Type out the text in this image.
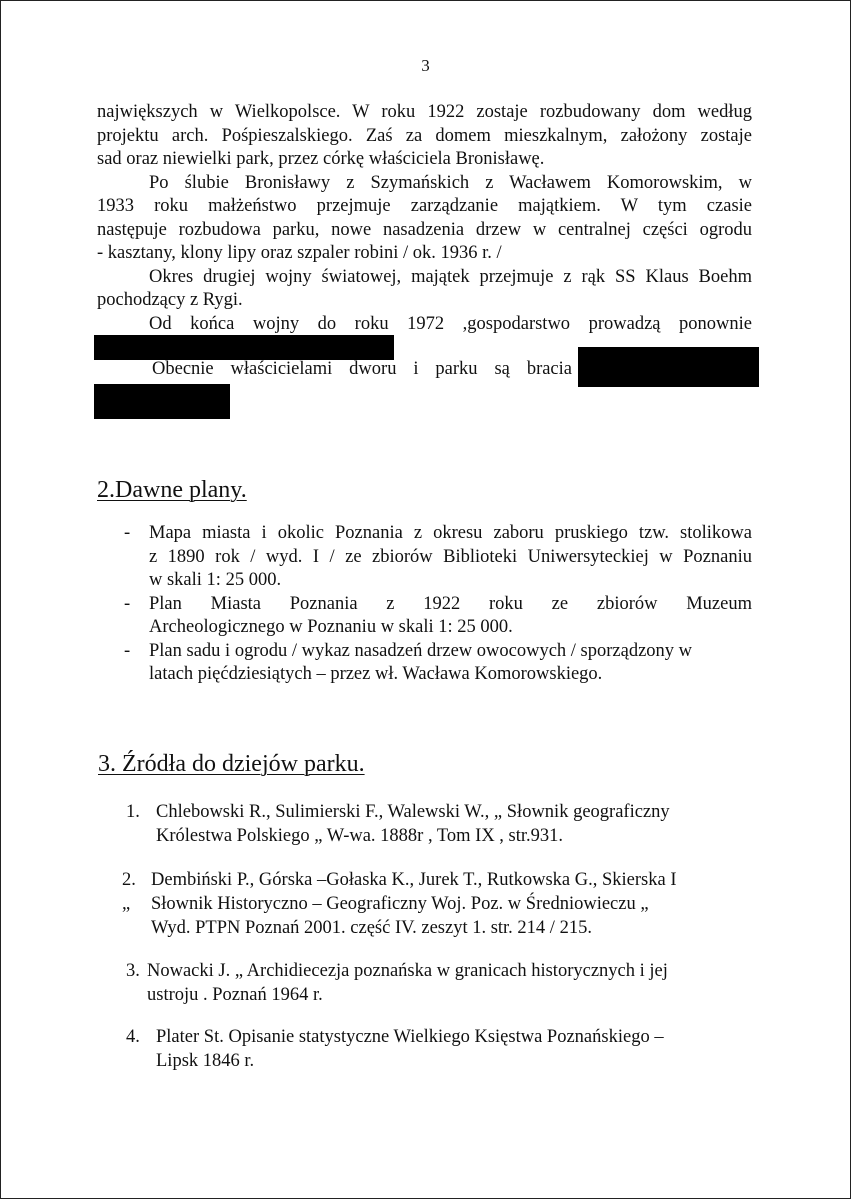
3
największych w Wielkopolsce. W roku 1922 zostaje rozbudowany dom według
projektu arch. Pośpieszalskiego. Zaś za domem mieszkalnym, założony zostaje
sad oraz niewielki park, przez córkę właściciela Bronisławę.
Po ślubie Bronisławy z Szymańskich z Wacławem Komorowskim, w
1933 roku małżeństwo przejmuje zarządzanie majątkiem. W tym czasie
następuje rozbudowa parku, nowe nasadzenia drzew w centralnej części ogrodu
- kasztany, klony lipy oraz szpaler robini / ok. 1936 r. /
Okres drugiej wojny światowej, majątek przejmuje z rąk SS Klaus Boehm
pochodzący z Rygi.
Od końca wojny do roku 1972 ,gospodarstwo prowadzą ponownie
Obecnie właścicielami dworu i parku są bracia
2.Dawne plany.
- Mapa miasta i okolic Poznania z okresu zaboru pruskiego tzw. stolikowa
z 1890 rok / wyd. I / ze zbiorów Biblioteki Uniwersyteckiej w Poznaniu
w skali 1: 25 000.
- Plan Miasta Poznania z 1922 roku ze zbiorów Muzeum
Archeologicznego w Poznaniu w skali 1: 25 000.
- Plan sadu i ogrodu / wykaz nasadzeń drzew owocowych / sporządzony w
latach pięćdziesiątych – przez wł. Wacława Komorowskiego.
3. Źródła do dziejów parku.
1. Chlebowski R., Sulimierski F., Walewski W., „ Słownik geograficzny
Królestwa Polskiego „ W-wa. 1888r , Tom IX , str.931.
2.
„
Dembiński P., Górska –Gołaska K., Jurek T., Rutkowska G., Skierska I
Słownik Historyczno – Geograficzny Woj. Poz. w Średniowieczu „
Wyd. PTPN Poznań 2001. część IV. zeszyt 1. str. 214 / 215.
3. Nowacki J. „ Archidiecezja poznańska w granicach historycznych i jej
ustroju . Poznań 1964 r.
4. Plater St. Opisanie statystyczne Wielkiego Księstwa Poznańskiego –
Lipsk 1846 r.
